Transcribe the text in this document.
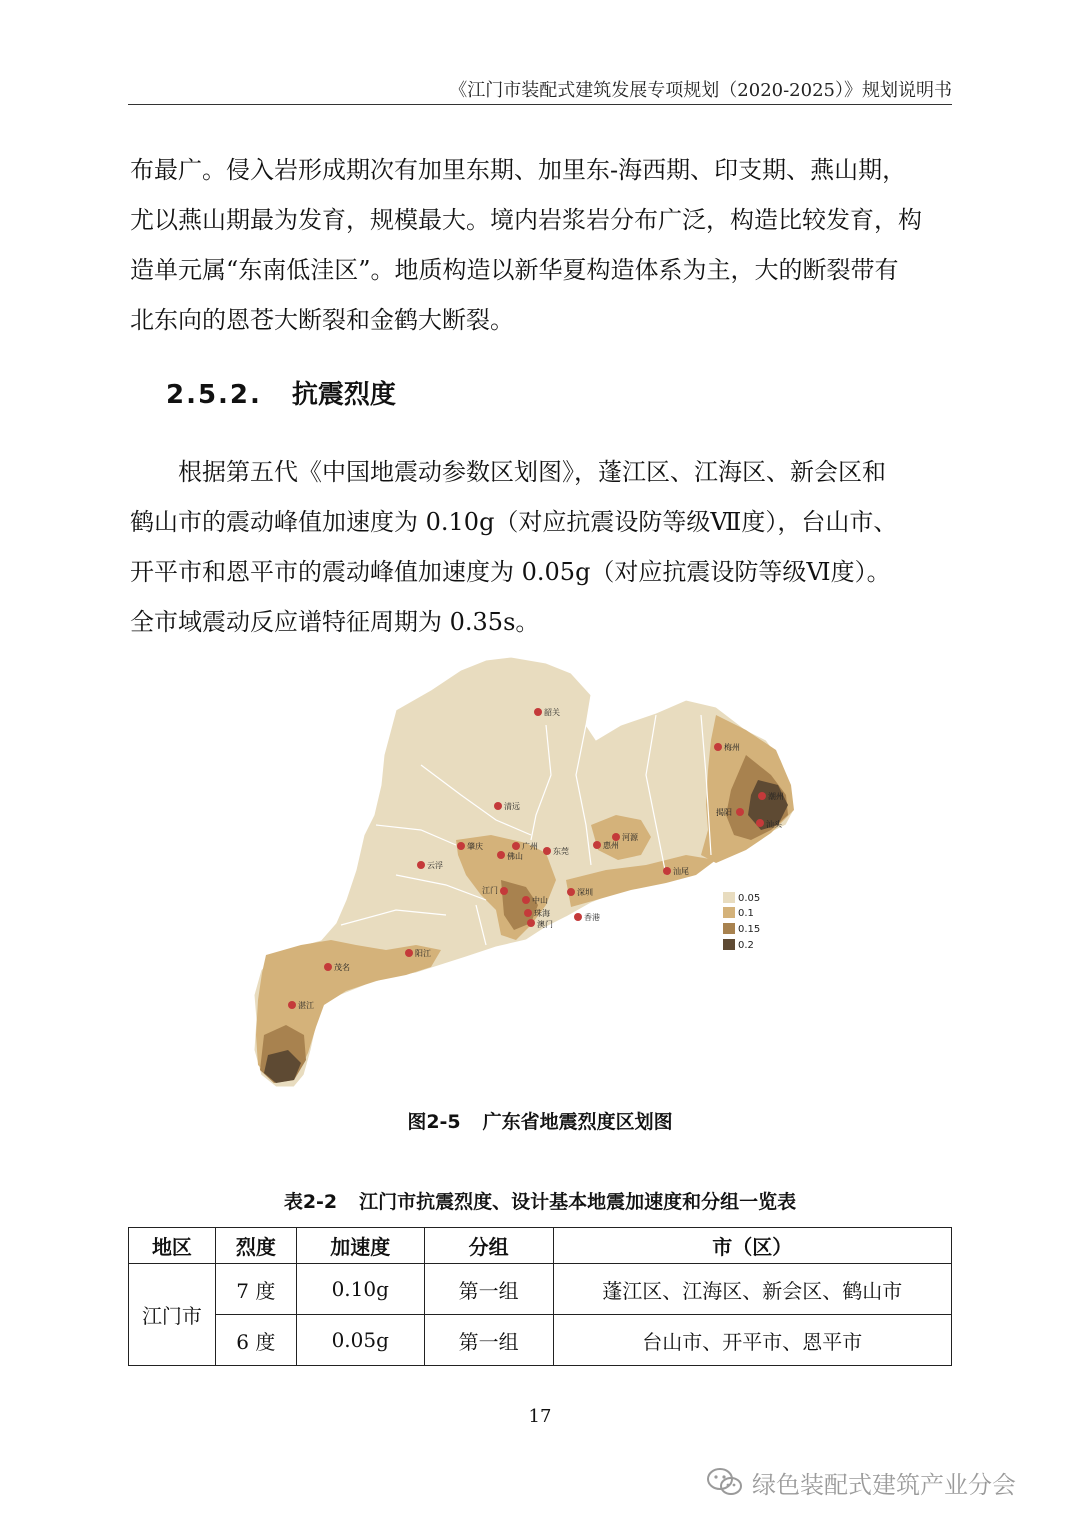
《江门市装配式建筑发展专项规划（2020-2025）》规划说明书
布最广。侵入岩形成期次有加里东期、加里东-海西期、印支期、燕山期，
尤以燕山期最为发育，规模最大。境内岩浆岩分布广泛，构造比较发育，构
造单元属“东南低洼区”。地质构造以新华夏构造体系为主，大的断裂带有
北东向的恩苍大断裂和金鹤大断裂。
2.5.2. 抗震烈度
　　根据第五代《中国地震动参数区划图》，蓬江区、江海区、新会区和
鹤山市的震动峰值加速度为 0.10g（对应抗震设防等级Ⅶ度），台山市、
开平市和恩平市的震动峰值加速度为 0.05g（对应抗震设防等级Ⅵ度）。
全市域震动反应谱特征周期为 0.35s。
韶关
梅州
河源
潮州
揭阳
汕头
清远
肇庆	广州
佛山
东莞
惠州
汕尾
云浮
江门
中山
深圳
珠海	香港
澳门
阳江
茂名
湛江
0.05
0.1
0.15
0.2
图2-5 广东省地震烈度区划图
表2-2 江门市抗震烈度、设计基本地震加速度和分组一览表
地区	烈度	加速度	分组	市（区）
江门市	7 度	0.10g	第一组	蓬江区、江海区、新会区、鹤山市
	6 度	0.05g	第一组	台山市、开平市、恩平市
17
绿色装配式建筑产业分会
